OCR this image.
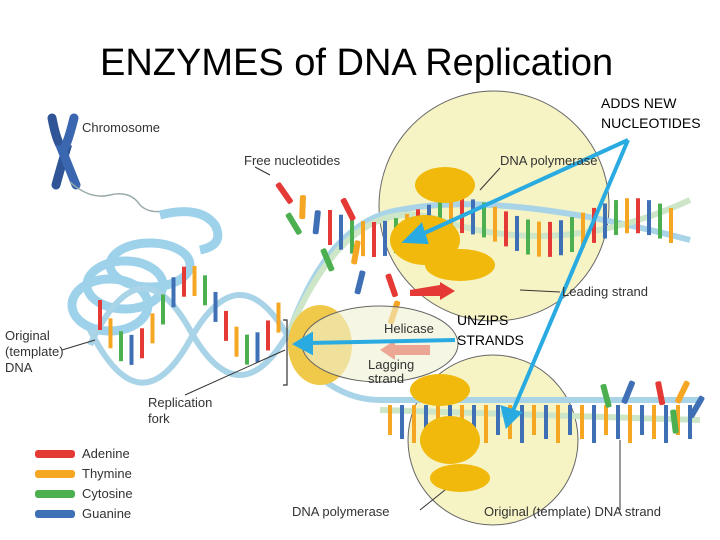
Adenine
Thymine
Cytosine
Guanine
Chromosome
Free nucleotides	DNA polymerase
Leading strand
Helicase
Lagging
strand
Original
(template)
DNA
Replication
fork
DNA polymerase	Original (template) DNA strand
ENZYMES of DNA Replication
ADDS NEW
NUCLEOTIDES
UNZIPS
STRANDS
